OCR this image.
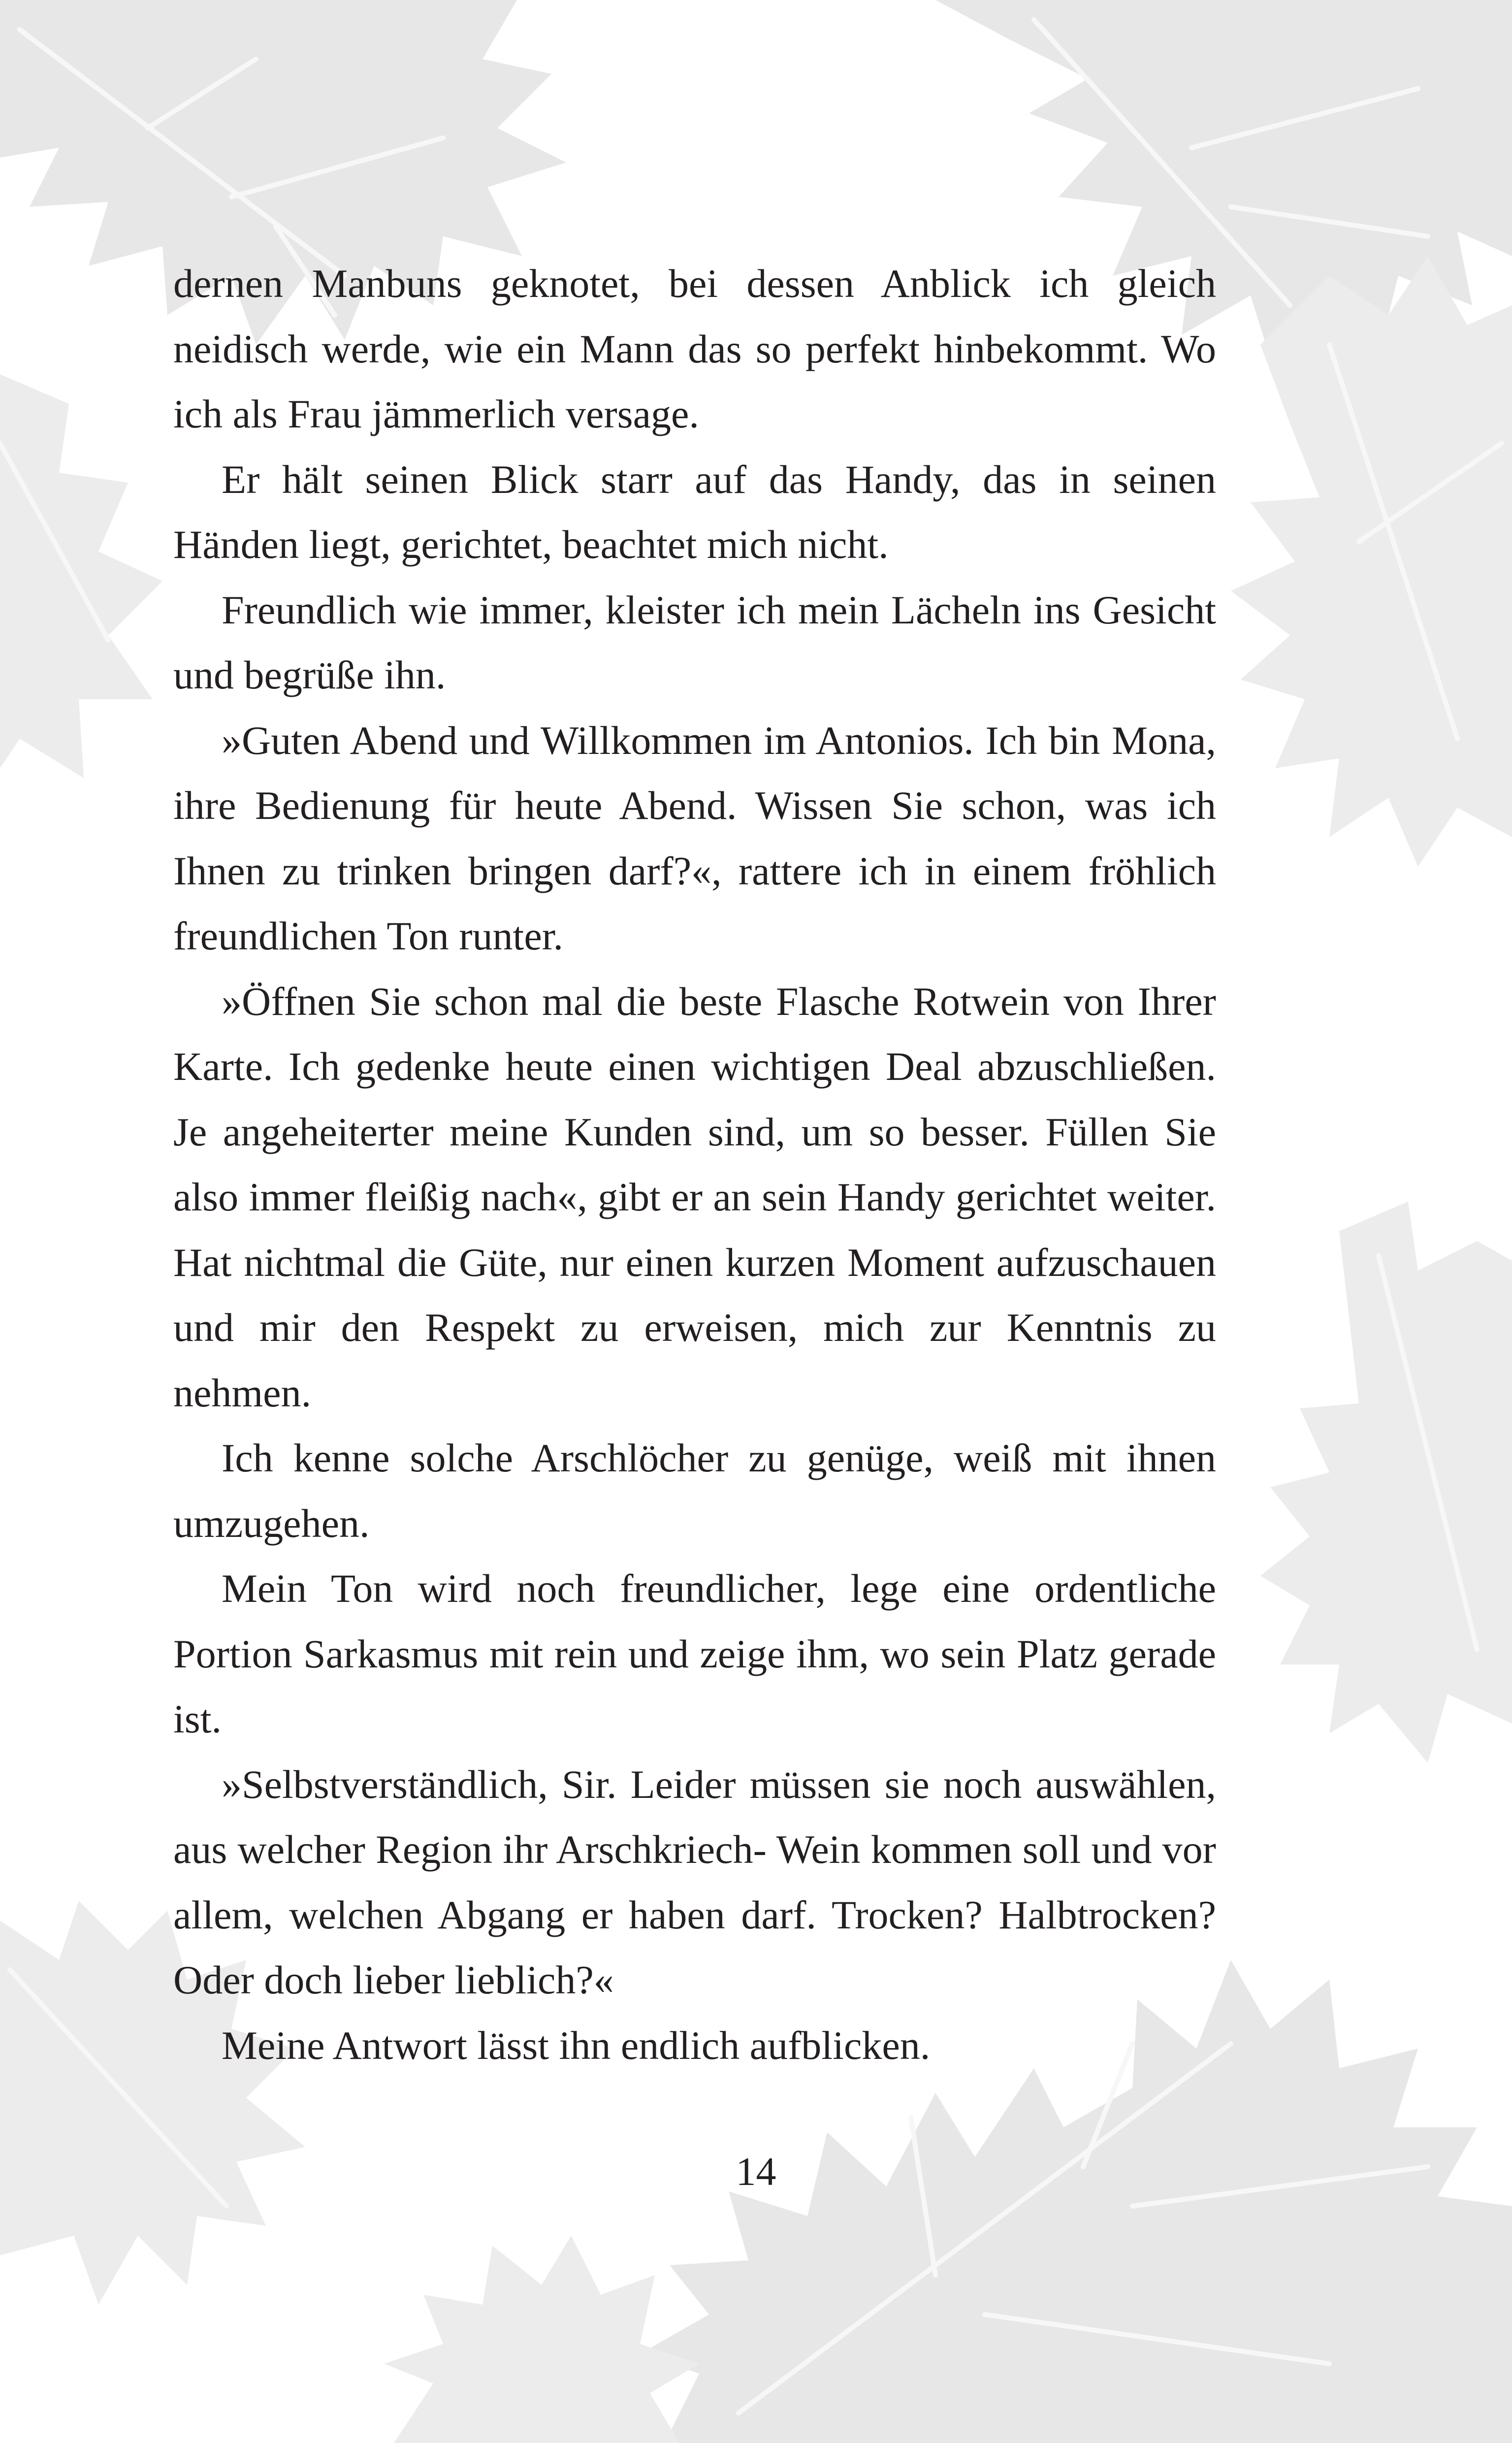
dernen Manbuns geknotet, bei dessen Anblick ich gleich neidisch werde, wie ein Mann das so perfekt hinbekommt. Wo ich als Frau jämmerlich versage.

Er hält seinen Blick starr auf das Handy, das in seinen Händen liegt, gerichtet, beachtet mich nicht.

Freundlich wie immer, kleister ich mein Lächeln ins Gesicht und begrüße ihn.

»Guten Abend und Willkommen im Antonios. Ich bin Mona, ihre Bedienung für heute Abend. Wissen Sie schon, was ich Ihnen zu trinken bringen darf?«, rattere ich in einem fröhlich freundlichen Ton runter.

»Öffnen Sie schon mal die beste Flasche Rotwein von Ihrer Karte. Ich gedenke heute einen wichtigen Deal abzuschließen. Je angeheiterter meine Kunden sind, um so besser. Füllen Sie also immer fleißig nach«, gibt er an sein Handy gerichtet weiter. Hat nichtmal die Güte, nur einen kurzen Moment aufzuschauen und mir den Respekt zu erweisen, mich zur Kenntnis zu nehmen.

Ich kenne solche Arschlöcher zu genüge, weiß mit ihnen umzugehen.

Mein Ton wird noch freundlicher, lege eine ordentliche Portion Sarkasmus mit rein und zeige ihm, wo sein Platz gerade ist.

»Selbstverständlich, Sir. Leider müssen sie noch auswählen, aus welcher Region ihr Arschkriech- Wein kommen soll und vor allem, welchen Abgang er haben darf. Trocken? Halbtrocken? Oder doch lieber lieblich?«

Meine Antwort lässt ihn endlich aufblicken.

14
